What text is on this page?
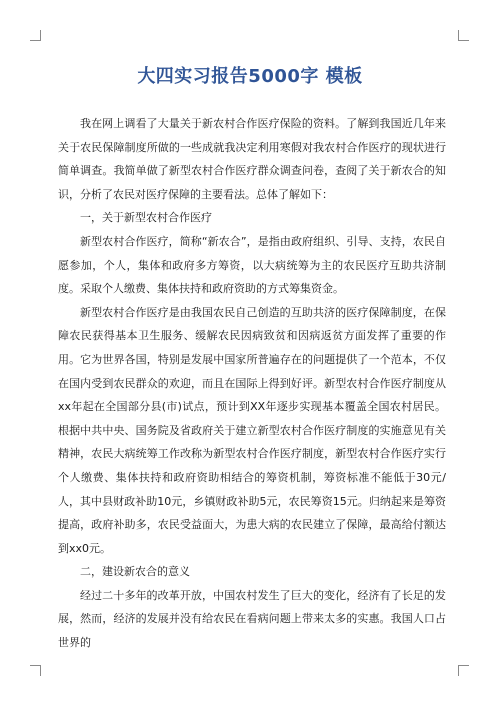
大四实习报告5000字 模板

我在网上调看了大量关于新农村合作医疗保险的资料。了解到我国近几年来关于农民保障制度所做的一些成就我决定利用寒假对我农村合作医疗的现状进行简单调查。我简单做了新型农村合作医疗群众调查问卷，查阅了关于新农合的知识，分析了农民对医疗保障的主要看法。总体了解如下：

一，关于新型农村合作医疗

新型农村合作医疗，简称“新农合”，是指由政府组织、引导、支持，农民自愿参加，个人，集体和政府多方筹资，以大病统筹为主的农民医疗互助共济制度。采取个人缴费、集体扶持和政府资助的方式筹集资金。

新型农村合作医疗是由我国农民自己创造的互助共济的医疗保障制度，在保障农民获得基本卫生服务、缓解农民因病致贫和因病返贫方面发挥了重要的作用。它为世界各国，特别是发展中国家所普遍存在的问题提供了一个范本，不仅在国内受到农民群众的欢迎，而且在国际上得到好评。新型农村合作医疗制度从xx年起在全国部分县(市)试点，预计到XX年逐步实现基本覆盖全国农村居民。根据中共中央、国务院及省政府关于建立新型农村合作医疗制度的实施意见有关精神，农民大病统筹工作改称为新型农村合作医疗制度，新型农村合作医疗实行个人缴费、集体扶持和政府资助相结合的筹资机制，筹资标准不能低于30元/人，其中县财政补助10元，乡镇财政补助5元，农民筹资15元。归纳起来是筹资提高，政府补助多，农民受益面大，为患大病的农民建立了保障，最高给付额达到xx0元。

二，建设新农合的意义

经过二十多年的改革开放，中国农村发生了巨大的变化，经济有了长足的发展，然而，经济的发展并没有给农民在看病问题上带来太多的实惠。我国人口占世界的
